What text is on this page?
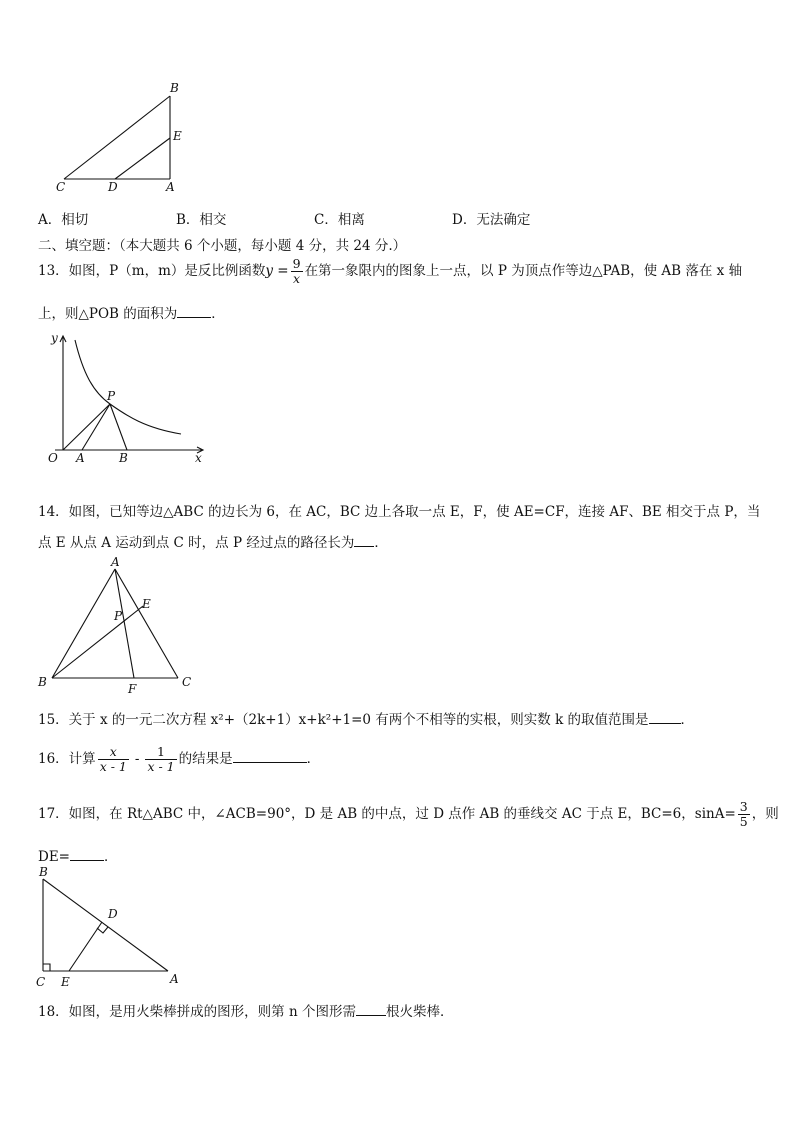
B
E
C	D	A
A．相切	B．相交	C．相离	D．无法确定
二、填空题：（本大题共 6 个小题，每小题 4 分，共 24 分.）
13．如图，P（m，m）是反比例函数$y = \frac{9}{x}$ 在第一象限内的图象上一点，以 P 为顶点作等边△PAB，使 AB 落在 x 轴
上，则△POB 的面积为	．
y
x
O A	B
P
14．如图，已知等边△ABC 的边长为 6，在 AC，BC 边上各取一点 E，F，使 AE=CF，连接 AF、BE 相交于点 P，当
点 E 从点 A 运动到点 C 时，点 P 经过点的路径长为 ．
A
B	C
E
F
P
15．关于 x 的一元二次方程 x²+（2k+1）x+k²+1=0 有两个不相等的实根，则实数 k 的取值范围是 ．
16．计算 $\frac{x}{x - 1} - \frac{1}{x - 1}$ 的结果是	．
17．如图，在 Rt△ABC 中，∠ACB=90°，D 是 AB 的中点，过 D 点作 AB 的垂线交 AC 于点 E，BC=6，$\sin A= \frac{3}{5}$ ，则
DE=	．
B
D
C E	A
18．如图，是用火柴棒拼成的图形，则第 n 个图形需 根火柴棒．
